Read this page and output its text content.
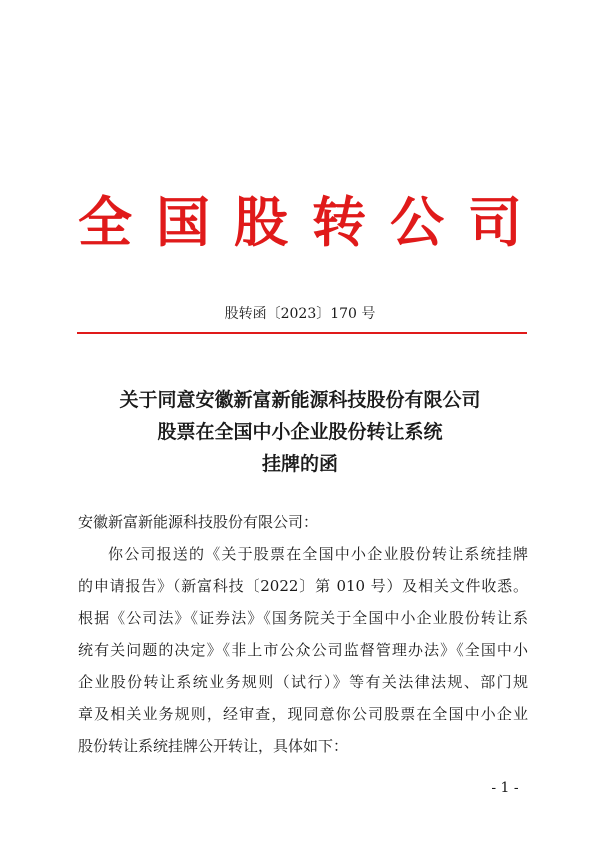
全国股转公司
股转函〔2023〕170 号
关于同意安徽新富新能源科技股份有限公司
股票在全国中小企业股份转让系统
挂牌的函
安徽新富新能源科技股份有限公司：
你公司报送的《关于股票在全国中小企业股份转让系统挂牌
的申请报告》（新富科技〔2022〕第 010 号）及相关文件收悉。
根据《公司法》《证券法》《国务院关于全国中小企业股份转让系
统有关问题的决定》《非上市公众公司监督管理办法》《全国中小
企业股份转让系统业务规则（试行）》等有关法律法规、部门规
章及相关业务规则，经审查，现同意你公司股票在全国中小企业
股份转让系统挂牌公开转让，具体如下：
- 1 -
